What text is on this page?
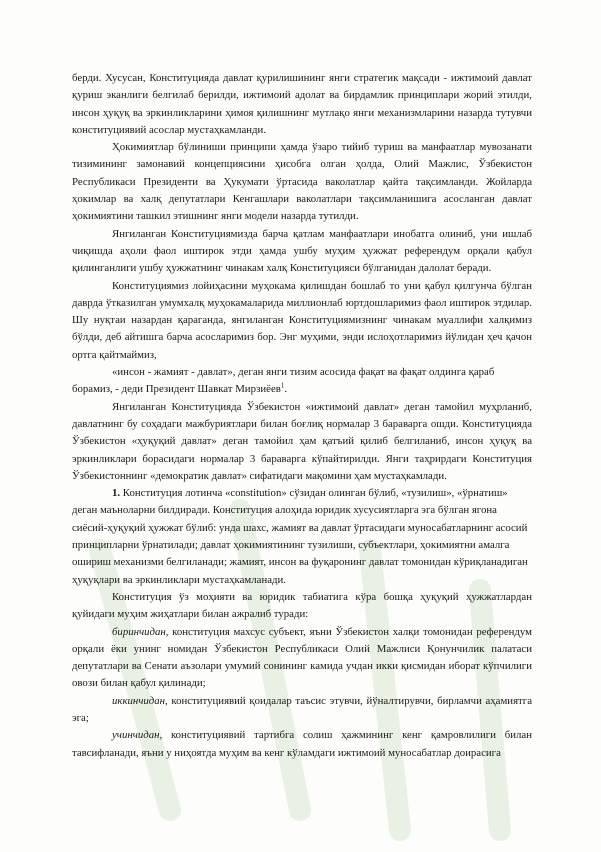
берди. Хусусан, Конституцияда давлат қурилишининг янги стратегик мақсади - ижтимоий давлат қуриш эканлиги белгилаб берилди, ижтимоий адолат ва бирдамлик принциплари жорий этилди, инсон ҳуқуқ ва эркинликларини ҳимоя қилишнинг мутлақо янги механизмларини назарда тутувчи конституциявий асослар мустаҳкамланди.

Ҳокимиятлар бўлиниши принципи ҳамда ўзаро тийиб туриш ва манфаатлар мувозанати тизимининг замонавий концепциясини ҳисобга олган ҳолда, Олий Мажлис, Ўзбекистон Республикаси Президенти ва Ҳукумати ўртасида ваколатлар қайта тақсимланди. Жойларда ҳокимлар ва халқ депутатлари Кенгашлари ваколатлари тақсимланишига асосланган давлат ҳокимиятини ташкил этишнинг янги модели назарда тутилди.

Янгиланган Конституциямизда барча қатлам манфаатлари инобатга олиниб, уни ишлаб чиқишда аҳоли фаол иштирок этди ҳамда ушбу муҳим ҳужжат референдум орқали қабул қилинганлиги ушбу ҳужжатнинг чинакам халқ Конституцияси бўлганидан далолат беради.

Конституциямиз лойиҳасини муҳокама қилишдан бошлаб то уни қабул қилгунча бўлган даврда ўтказилган умумхалқ муҳокамаларида миллионлаб юртдошларимиз фаол иштирок этдилар. Шу нуқтаи назардан қараганда, янгиланган Конституциямизнинг чинакам муаллифи халқимиз бўлди, деб айтишга барча асосларимиз бор. Энг муҳими, энди ислоҳотларимиз йўлидан ҳеч қачон ортга қайтмаймиз,

«инсон - жамият - давлат», деган янги тизим асосида фақат ва фақат олдинга қараб борамиз, - деди Президент Шавкат Мирзиёев$^1$.

Янгиланган Конституцияда Ўзбекистон «ижтимоий давлат» деган тамойил муҳрланиб, давлатнинг бу соҳадаги мажбуриятлари билан боғлиқ нормалар 3 бараварга ошди. Конституцияда Ўзбекистон «ҳуқуқий давлат» деган тамойил ҳам қатъий қилиб белгиланиб, инсон ҳуқуқ ва эркинликлари борасидаги нормалар 3 бараварга кўпайтирилди. Янги таҳрирдаги Конституция Ўзбекистоннинг «демократик давлат» сифатидаги мақомини ҳам мустаҳкамлади.

1. Конституция лотинча «constitution» сўзидан олинган бўлиб, «тузилиш», «ўрнатиш» деган маъноларни билдиради. Конституция алоҳида юридик хусусиятларга эга бўлган ягона сиёсий-ҳуқуқий ҳужжат бўлиб: унда шахс, жамият ва давлат ўртасидаги муносабатларнинг асосий принципларни ўрнатилади; давлат ҳокимиятининг тузилиши, субъектлари, ҳокимиятни амалга ошириш механизми белгиланади; жамият, инсон ва фуқаронинг давлат томонидан кўриқланадиган ҳуқуқлари ва эркинликлари мустаҳкамланади.

Конституция ўз моҳияти ва юридик табиатига кўра бошқа ҳуқуқий ҳужжатлардан қуйидаги муҳим жиҳатлари билан ажралиб туради:

биринчидан, конституция махсус субъект, яъни Ўзбекистон халқи томонидан референдум орқали ёки унинг номидан Ўзбекистон Республикаси Олий Мажлиси Қонунчилик палатаси депутатлари ва Сенати аъзолари умумий сонининг камида учдан икки қисмидан иборат кўпчилиги овози билан қабул қилинади;

иккинчидан, конституциявий қоидалар таъсис этувчи, йўналтирувчи, бирламчи аҳамиятга эга;

учинчидан, конституциявий тартибга солиш ҳажмининг кенг қамровлилиги билан тавсифланади, яъни у ниҳоятда муҳим ва кенг кўламдаги ижтимоий муносабатлар доирасига
